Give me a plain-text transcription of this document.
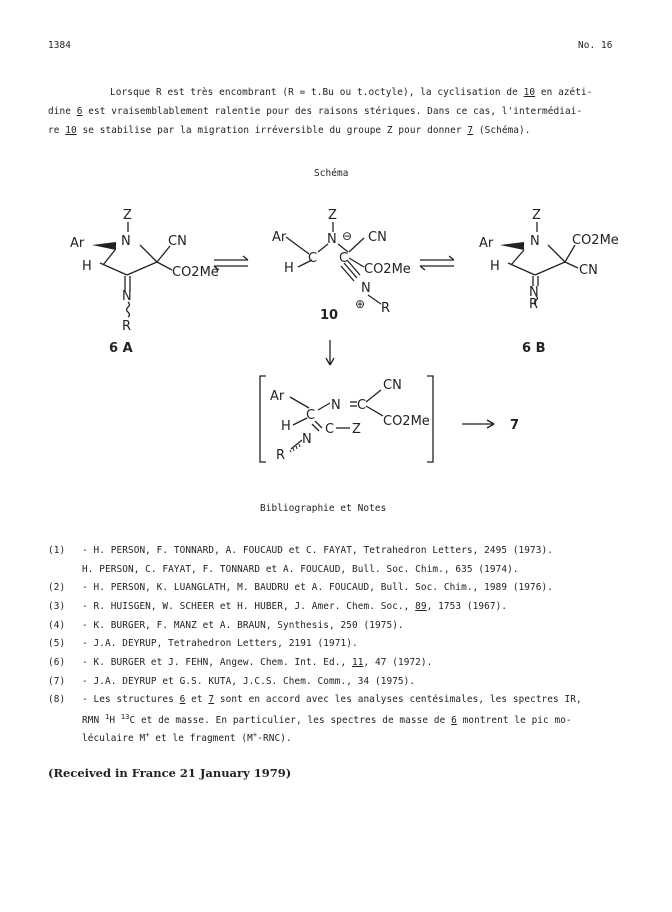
1384	No. 16
Lorsque R est très encombrant (R = t.Bu ou t.octyle), la cyclisation de 10 en azéti-
dine 6 est vraisemblablement ralentie pour des raisons stériques. Dans ce cas, l'intermédiai-
re 10 se stabilise par la migration irréversible du groupe Z pour donner 7 (Schéma).
Schéma
Z
N
Ar
H
CN
CO2Me
N
R
6 A
Z
N ⊖
Ar
H
C C
CN
CO2Me
N
⊕ R
10
Z
N
Ar
H
CO2Me
CN
N
R
6 B
Ar
H
C
N C
CN
CO2Me
C Z
N
R
7
Bibliographie et Notes
(1) - H. PERSON, F. TONNARD, A. FOUCAUD et C. FAYAT, Tetrahedron Letters, 2495 (1973).
H. PERSON, C. FAYAT, F. TONNARD et A. FOUCAUD, Bull. Soc. Chim., 635 (1974).
(2) - H. PERSON, K. LUANGLATH, M. BAUDRU et A. FOUCAUD, Bull. Soc. Chim., 1989 (1976).
(3) - R. HUISGEN, W. SCHEER et H. HUBER, J. Amer. Chem. Soc., 89, 1753 (1967).
(4) - K. BURGER, F. MANZ et A. BRAUN, Synthesis, 250 (1975).
(5) - J.A. DEYRUP, Tetrahedron Letters, 2191 (1971).
(6) - K. BURGER et J. FEHN, Angew. Chem. Int. Ed., 11, 47 (1972).
(7) - J.A. DEYRUP et G.S. KUTA, J.C.S. Chem. Comm., 34 (1975).
(8) - Les structures 6 et 7 sont en accord avec les analyses centésimales, les spectres IR,
RMN $^1$H $^{13}$C et de masse. En particulier, les spectres de masse de 6 montrent le pic mo-
léculaire M+ et le fragment (M+-RNC).
(Received in France 21 January 1979)
